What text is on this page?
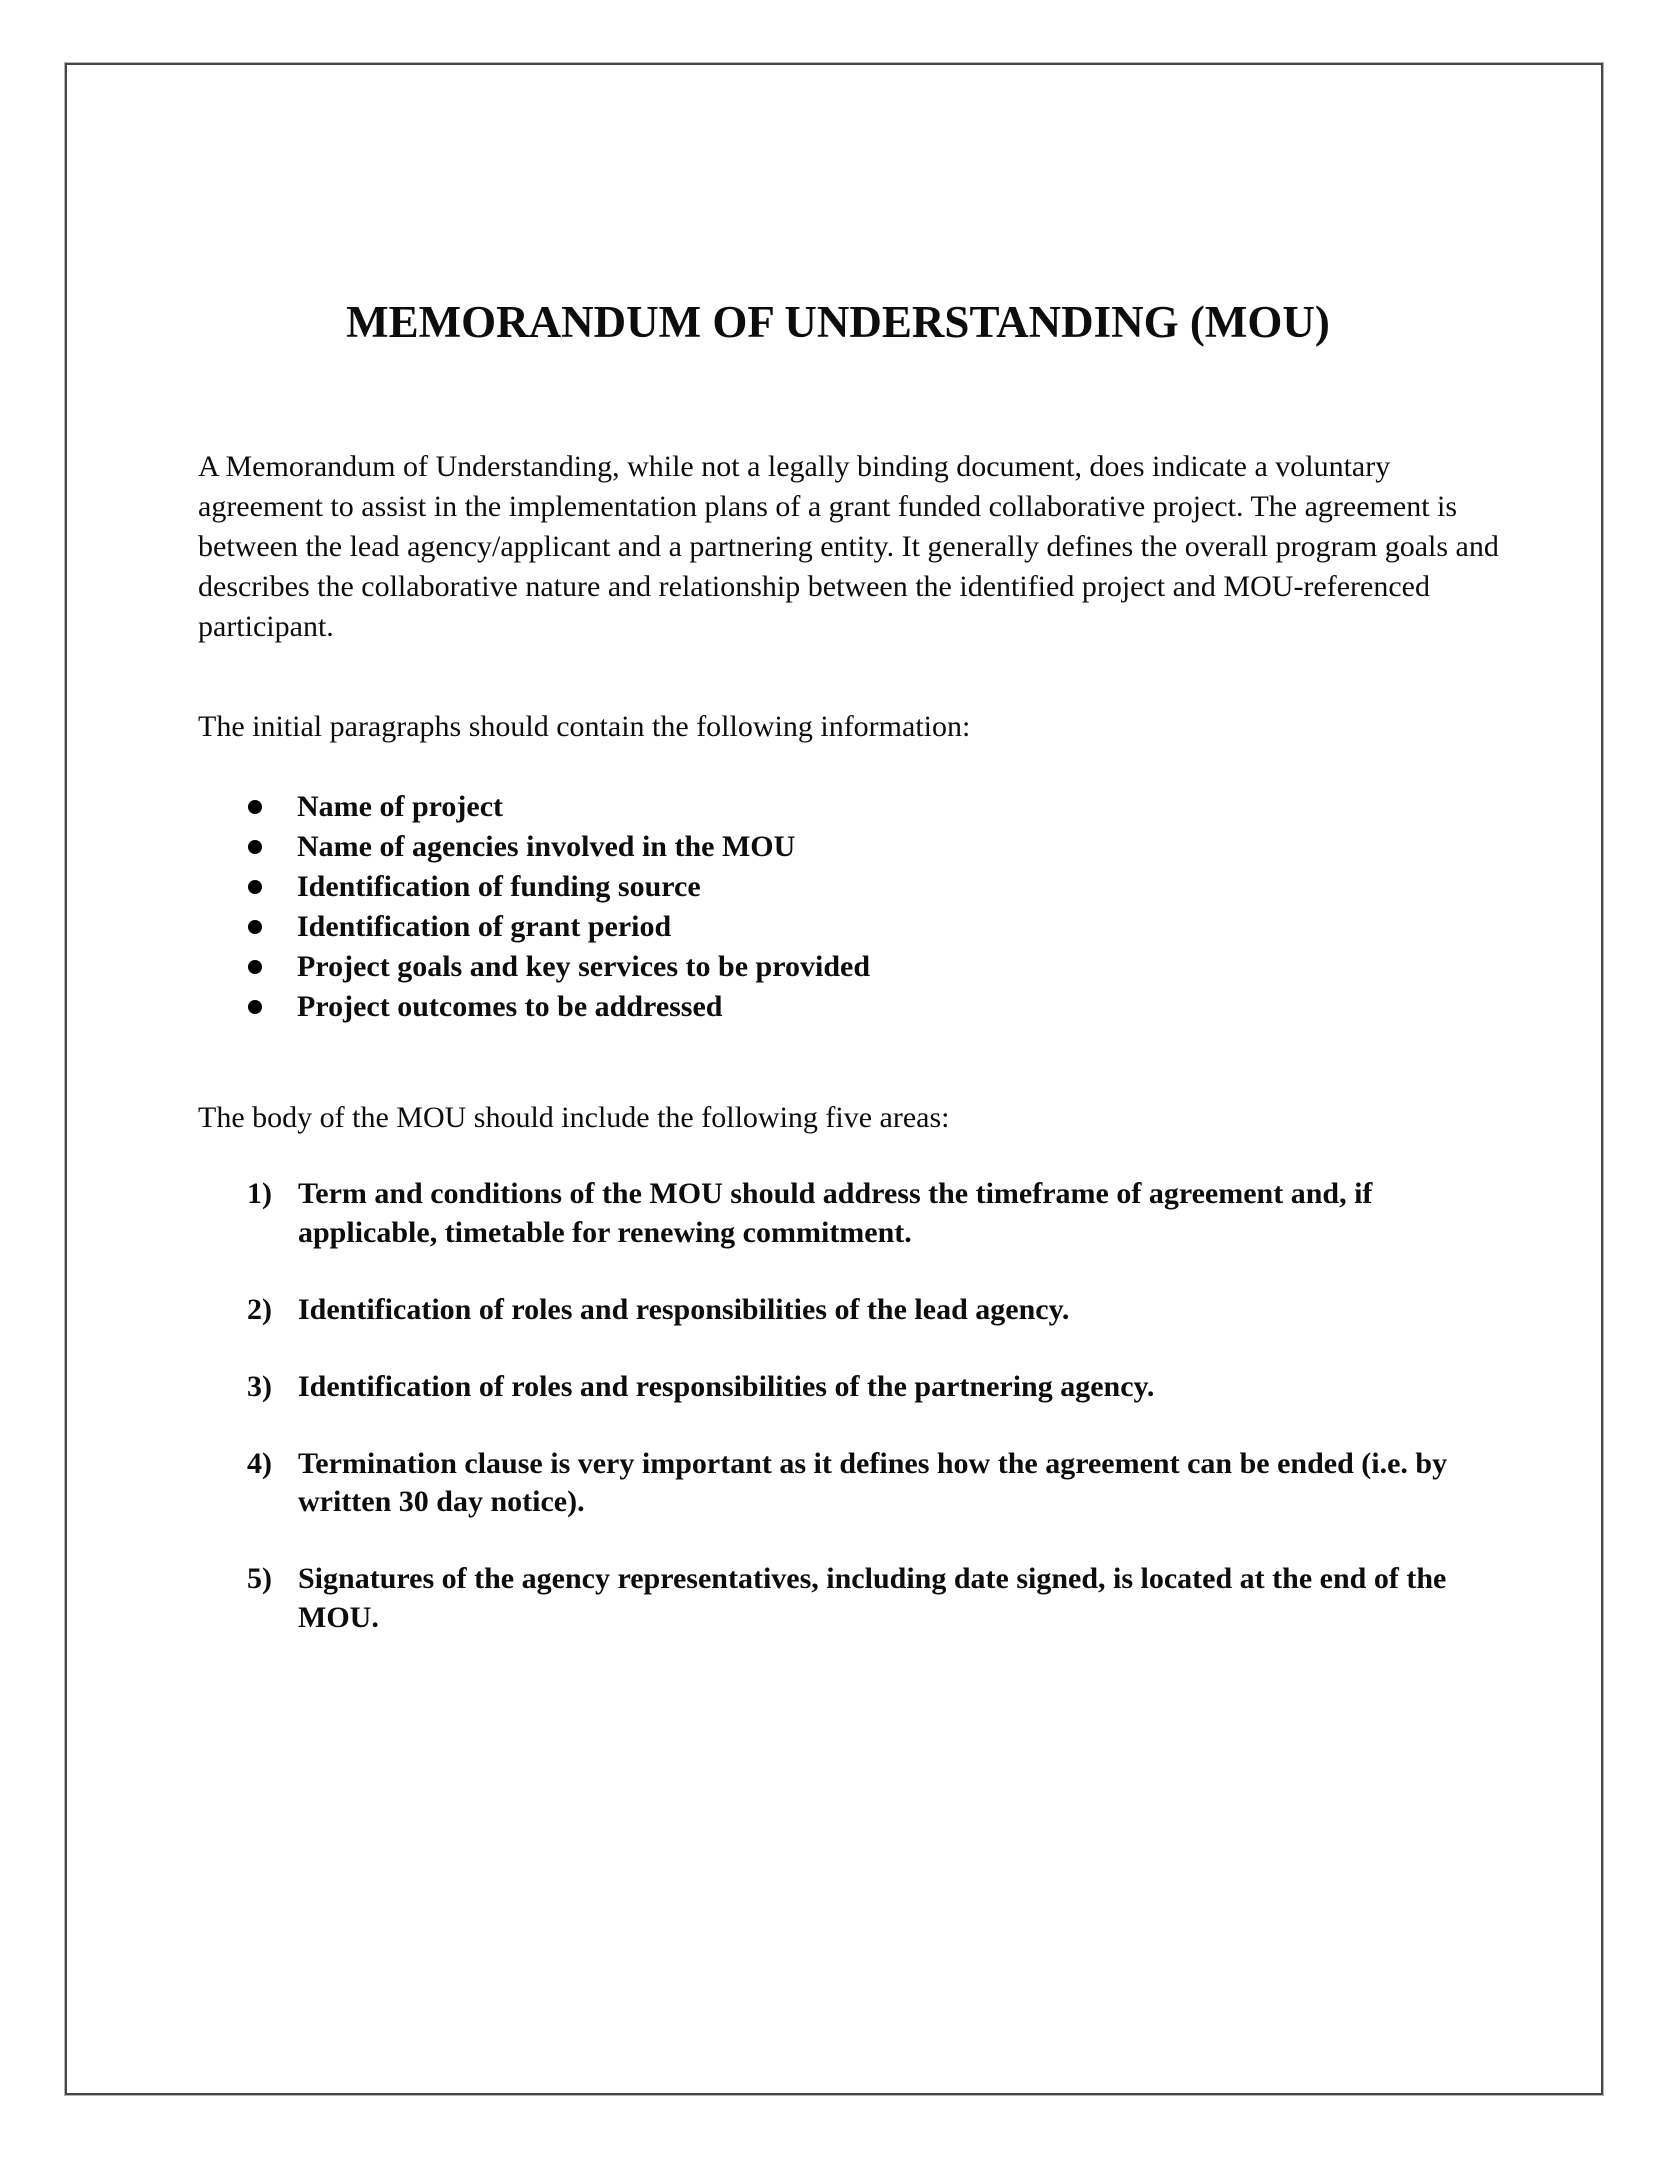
MEMORANDUM OF UNDERSTANDING (MOU)

A Memorandum of Understanding, while not a legally binding document, does indicate a voluntary agreement to assist in the implementation plans of a grant funded collaborative project. The agreement is between the lead agency/applicant and a partnering entity. It generally defines the overall program goals and describes the collaborative nature and relationship between the identified project and MOU-referenced participant.

The initial paragraphs should contain the following information:

Name of project
Name of agencies involved in the MOU
Identification of funding source
Identification of grant period
Project goals and key services to be provided
Project outcomes to be addressed

The body of the MOU should include the following five areas:

1) Term and conditions of the MOU should address the timeframe of agreement and, if applicable, timetable for renewing commitment.
2) Identification of roles and responsibilities of the lead agency.
3) Identification of roles and responsibilities of the partnering agency.
4) Termination clause is very important as it defines how the agreement can be ended (i.e. by written 30 day notice).
5) Signatures of the agency representatives, including date signed, is located at the end of the MOU.
